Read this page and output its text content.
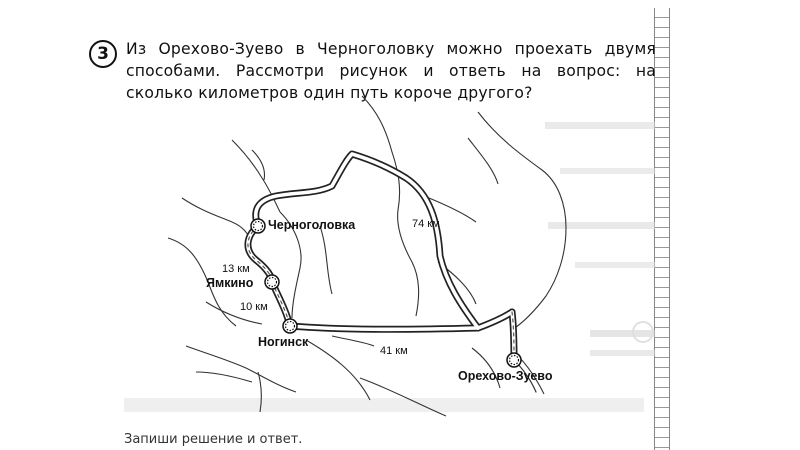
3	Из Орехово-Зуево в Черноголовку можно проехать двумя способами. Рассмотри рисунок и ответь на вопрос: на сколько километров один путь короче другого?
Черноголовка
Ямкино
Ногинск
Орехово-Зуево
74 км
13 км
10 км
41 км
Запиши решение и ответ.
